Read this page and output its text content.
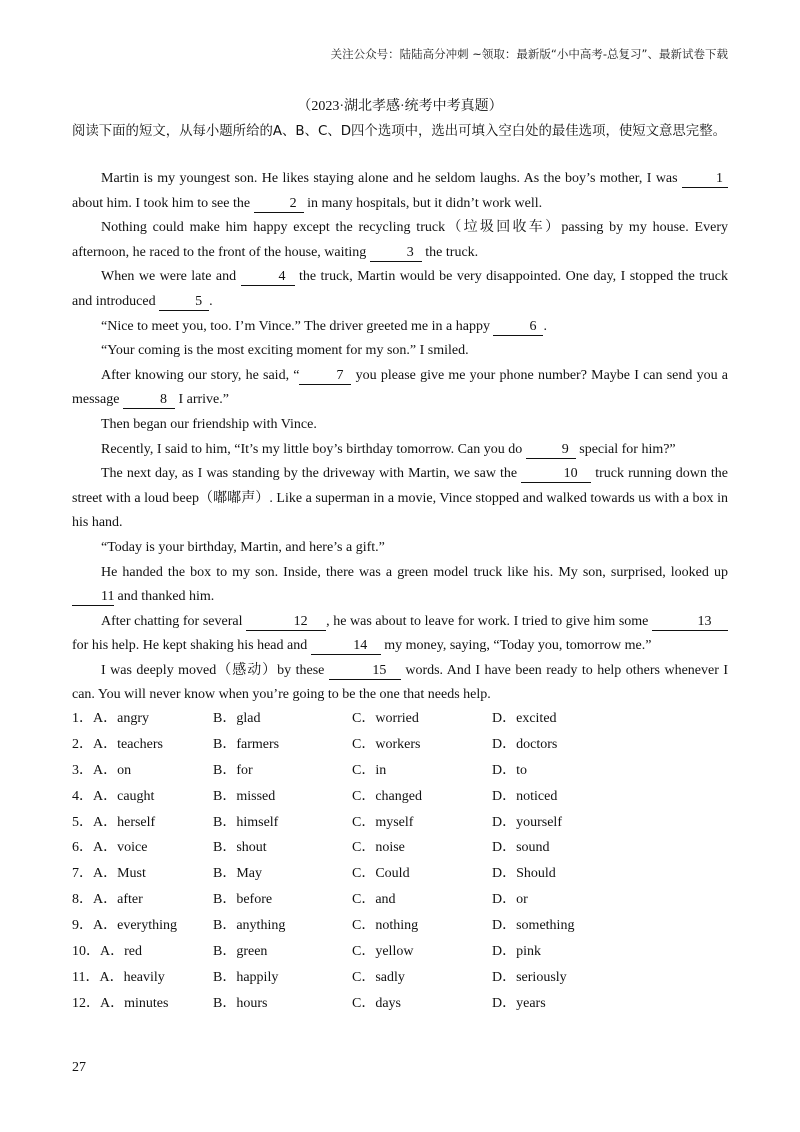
关注公众号：陆陆高分冲刺 ~领取：最新版“小中高考-总复习”、最新试卷下载
（2023·湖北孝感·统考中考真题）
阅读下面的短文，从每小题所给的A、B、C、D四个选项中，选出可填入空白处的最佳选项，使短文意思完整。

Martin is my youngest son. He likes staying alone and he seldom laughs. As the boy’s mother, I was 1 about him. I took him to see the	2 in many hospitals, but it didn’t work well.

Nothing could make him happy except the recycling truck（垃圾回收车）passing by my house. Every afternoon, he raced to the front of the house, waiting	3 the truck.

When we were late and	4 the truck, Martin would be very disappointed. One day, I stopped the truck and introduced	5 .

“Nice to meet you, too. I’m Vince.” The driver greeted me in a happy	6 .

“Your coming is the most exciting moment for my son.” I smiled.

After knowing our story, he said, “	7 you please give me your phone number? Maybe I can send you a message	8 I arrive.”

Then began our friendship with Vince.

Recently, I said to him, “It’s my little boy’s birthday tomorrow. Can you do	9 special for him?”

The next day, as I was standing by the driveway with Martin, we saw the	10 truck running down the street with a loud beep（嘟嘟声）. Like a superman in a movie, Vince stopped and walked towards us with a box in his hand.

“Today is your birthday, Martin, and here’s a gift.”

He handed the box to my son. Inside, there was a green model truck like his. My son, surprised, looked up 11 and thanked him.

After chatting for several	12 , he was about to leave for work. I tried to give him some	13 for his help. He kept shaking his head and	14 my money, saying, “Today you, tomorrow me.”

I was deeply moved（感动）by these	15 words. And I have been ready to help others whenever I can. You will never know when you’re going to be the one that needs help.

1．A．angry	B．glad	C．worried	D．excited
2．A．teachers	B．farmers	C．workers	D．doctors
3．A．on	B．for	C．in	D．to
4．A．caught	B．missed	C．changed	D．noticed
5．A．herself	B．himself	C．myself	D．yourself
6．A．voice	B．shout	C．noise	D．sound
7．A．Must	B．May	C．Could	D．Should
8．A．after	B．before	C．and	D．or
9．A．everything	B．anything	C．nothing	D．something
10．A．red	B．green	C．yellow	D．pink
11．A．heavily	B．happily	C．sadly	D．seriously
12．A．minutes	B．hours	C．days	D．years
27
